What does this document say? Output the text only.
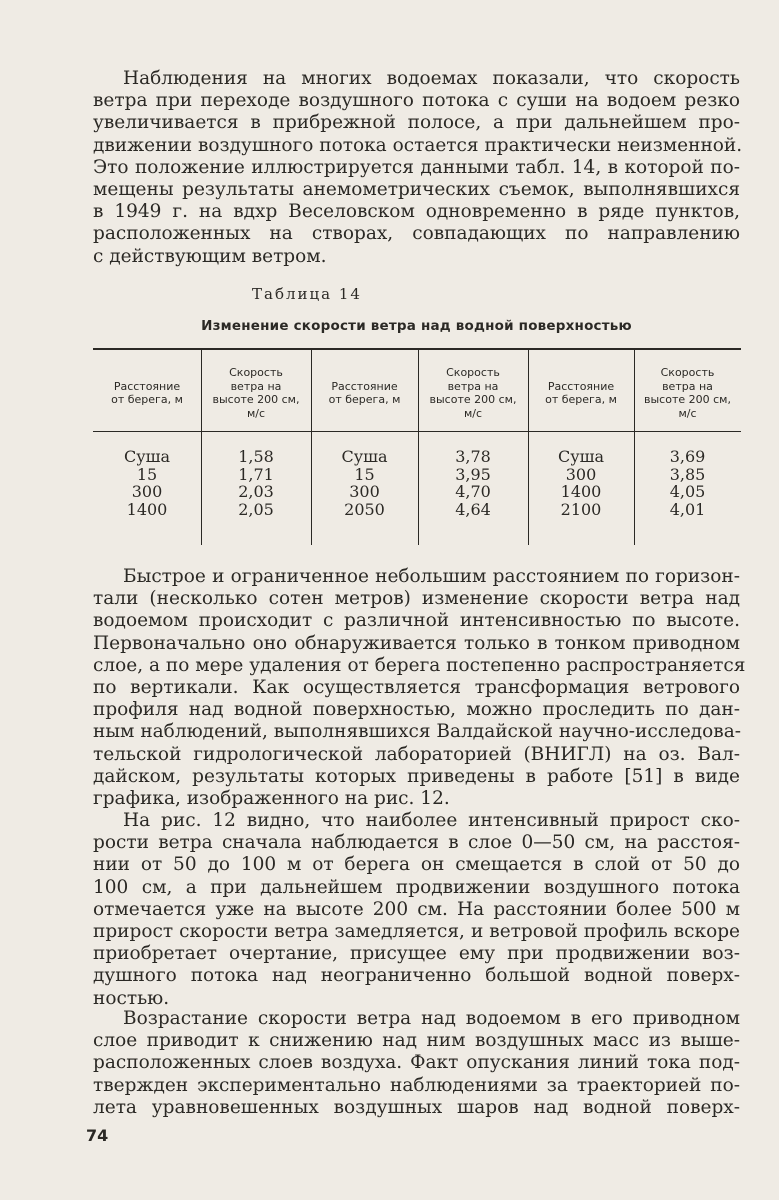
Наблюдения на многих водоемах показали, что скорость
ветра при переходе воздушного потока с суши на водоем резко
увеличивается в прибрежной полосе, а при дальнейшем про-
движении воздушного потока остается практически неизменной.
Это положение иллюстрируется данными табл. 14, в которой по-
мещены результаты анемометрических съемок, выполнявшихся
в 1949 г. на вдхр Веселовском одновременно в ряде пунктов,
расположенных на створах, совпадающих по направлению
с действующим ветром.

Таблица 14
Изменение скорости ветра над водной поверхностью
Расстояние
от берега, м
Скорость
ветра на
высоте 200 см,
м/с
Расстояние
от берега, м
Скорость
ветра на
высоте 200 см,
м/с
Расстояние
от берега, м
Скорость
ветра на
высоте 200 см,
м/с
Суша
15
300
1400
1,58
1,71
2,03
2,05
Суша
15
300
2050
3,78
3,95
4,70
4,64
Суша
300
1400
2100
3,69
3,85
4,05
4,01

Быстрое и ограниченное небольшим расстоянием по горизон-
тали (несколько сотен метров) изменение скорости ветра над
водоемом происходит с различной интенсивностью по высоте.
Первоначально оно обнаруживается только в тонком приводном
слое, а по мере удаления от берега постепенно распространяется
по вертикали. Как осуществляется трансформация ветрового
профиля над водной поверхностью, можно проследить по дан-
ным наблюдений, выполнявшихся Валдайской научно-исследова-
тельской гидрологической лабораторией (ВНИГЛ) на оз. Вал-
дайском, результаты которых приведены в работе [51] в виде
графика, изображенного на рис. 12.

На рис. 12 видно, что наиболее интенсивный прирост ско-
рости ветра сначала наблюдается в слое 0—50 см, на расстоя-
нии от 50 до 100 м от берега он смещается в слой от 50 до
100 см, а при дальнейшем продвижении воздушного потока
отмечается уже на высоте 200 см. На расстоянии более 500 м
прирост скорости ветра замедляется, и ветровой профиль вскоре
приобретает очертание, присущее ему при продвижении воз-
душного потока над неограниченно большой водной поверх-
ностью.

Возрастание скорости ветра над водоемом в его приводном
слое приводит к снижению над ним воздушных масс из выше-
расположенных слоев воздуха. Факт опускания линий тока под-
твержден экспериментально наблюдениями за траекторией по-
лета уравновешенных воздушных шаров над водной поверх-

74
